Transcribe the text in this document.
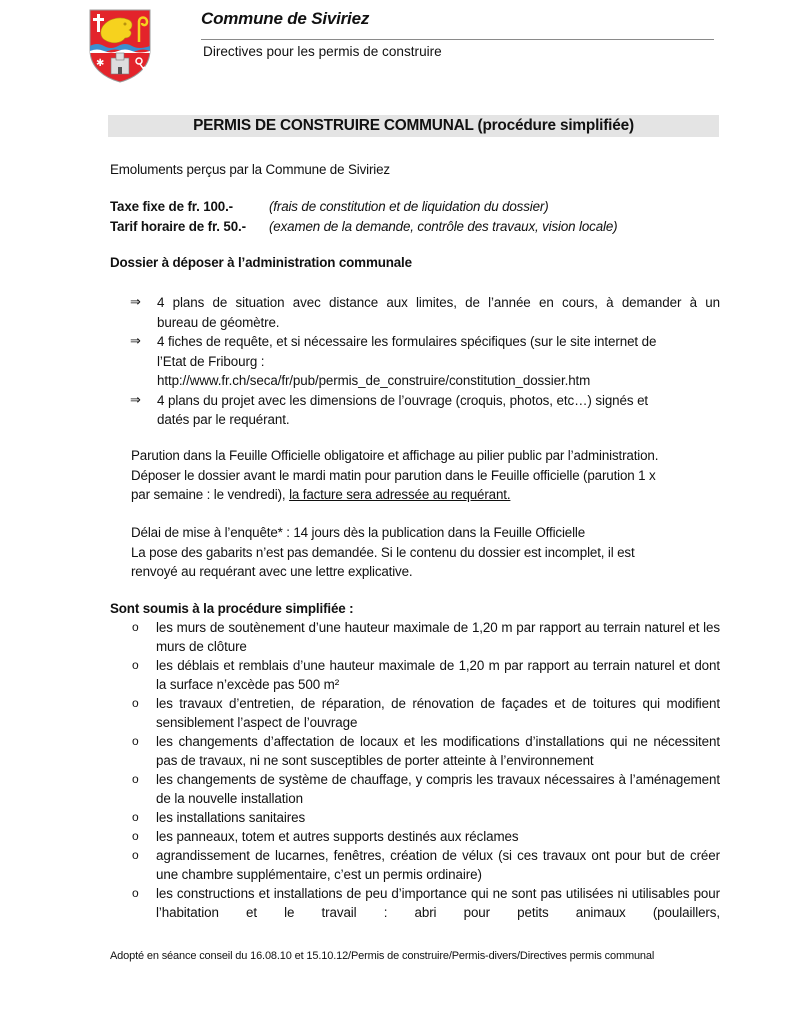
✱
Commune de Siviriez
Directives pour les permis de construire
PERMIS DE CONSTRUIRE COMMUNAL (procédure simplifiée)
Emoluments perçus par la Commune de Siviriez
Taxe fixe de fr. 100.-	(frais de constitution et de liquidation du dossier)
Tarif horaire de fr. 50.-	(examen de la demande, contrôle des travaux, vision locale)
Dossier à déposer à l’administration communale
⇒ 4 plans de situation avec distance aux limites, de l’année en cours, à demander à un
bureau de géomètre.
⇒ 4 fiches de requête, et si nécessaire les formulaires spécifiques (sur le site internet de
l’Etat de Fribourg :
http://www.fr.ch/seca/fr/pub/permis_de_construire/constitution_dossier.htm
⇒ 4 plans du projet avec les dimensions de l’ouvrage (croquis, photos, etc…) signés et
datés par le requérant.
Parution dans la Feuille Officielle obligatoire et affichage au pilier public par l’administration.
Déposer le dossier avant le mardi matin pour parution dans le Feuille officielle (parution 1 x
par semaine : le vendredi), la facture sera adressée au requérant.
Délai de mise à l’enquête* : 14 jours dès la publication dans la Feuille Officielle
La pose des gabarits n’est pas demandée. Si le contenu du dossier est incomplet, il est
renvoyé au requérant avec une lettre explicative.
Sont soumis à la procédure simplifiée :
o les murs de soutènement d’une hauteur maximale de 1,20 m par rapport au terrain naturel et les murs de clôture
o les déblais et remblais d’une hauteur maximale de 1,20 m par rapport au terrain naturel et dont la surface n’excède pas 500 m²
o les travaux d’entretien, de réparation, de rénovation de façades et de toitures qui modifient sensiblement l’aspect de l’ouvrage
o les changements d’affectation de locaux et les modifications d’installations qui ne nécessitent pas de travaux, ni ne sont susceptibles de porter atteinte à l’environnement
o les changements de système de chauffage, y compris les travaux nécessaires à l’aménagement de la nouvelle installation
o les installations sanitaires
o les panneaux, totem et autres supports destinés aux réclames
o agrandissement de lucarnes, fenêtres, création de vélux (si ces travaux ont pour but de créer une chambre supplémentaire, c’est un permis ordinaire)
o les constructions et installations de peu d’importance qui ne sont pas utilisées ni utilisables pour l’habitation et le travail : abri pour petits animaux (poulaillers,
Adopté en séance conseil du 16.08.10 et 15.10.12/Permis de construire/Permis-divers/Directives permis communal
